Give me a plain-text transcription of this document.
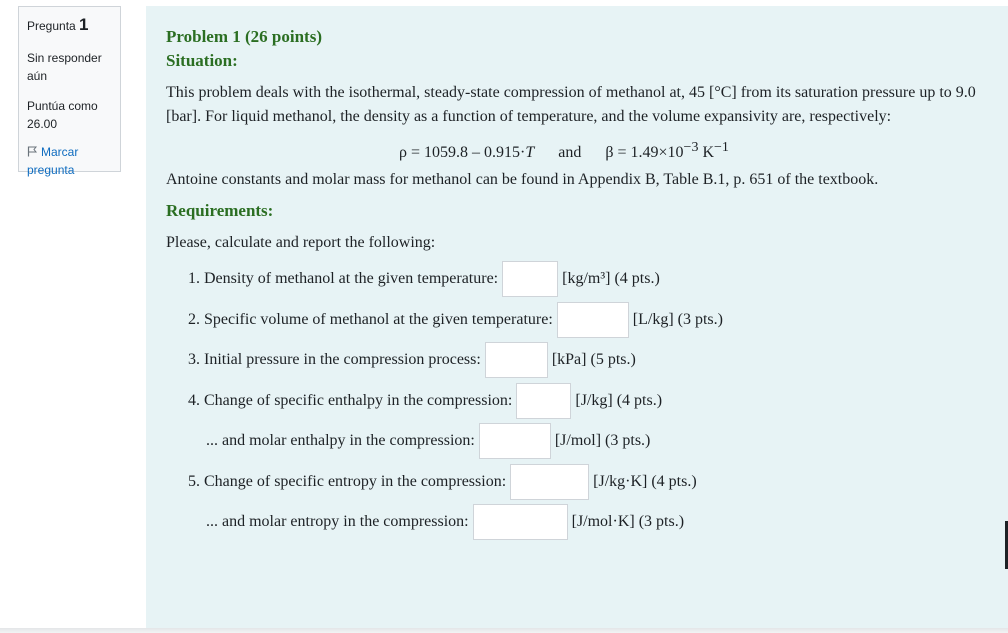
Pregunta 1
Sin responder aún
Puntúa como
26.00
Marcar pregunta
Problem 1 (26 points)
Situation:
This problem deals with the isothermal, steady-state compression of methanol at, 45 [°C] from its saturation pressure up to 9.0 [bar]. For liquid methanol, the density as a function of temperature, and the volume expansivity are, respectively:
ρ = 1059.8 – 0.915·T and $\beta = 1.49\times 10^{-3}$ $K^{-1}$
Antoine constants and molar mass for methanol can be found in Appendix B, Table B.1, p. 651 of the textbook.
Requirements:
Please, calculate and report the following:
1. Density of methanol at the given temperature:	[kg/m³] (4 pts.)
2. Specific volume of methanol at the given temperature:	[L/kg] (3 pts.)
3. Initial pressure in the compression process:	[kPa] (5 pts.)
4. Change of specific enthalpy in the compression:	[J/kg] (4 pts.)
... and molar enthalpy in the compression:	[J/mol] (3 pts.)
5. Change of specific entropy in the compression:	[J/kg·K] (4 pts.)
... and molar entropy in the compression:	[J/mol·K] (3 pts.)
